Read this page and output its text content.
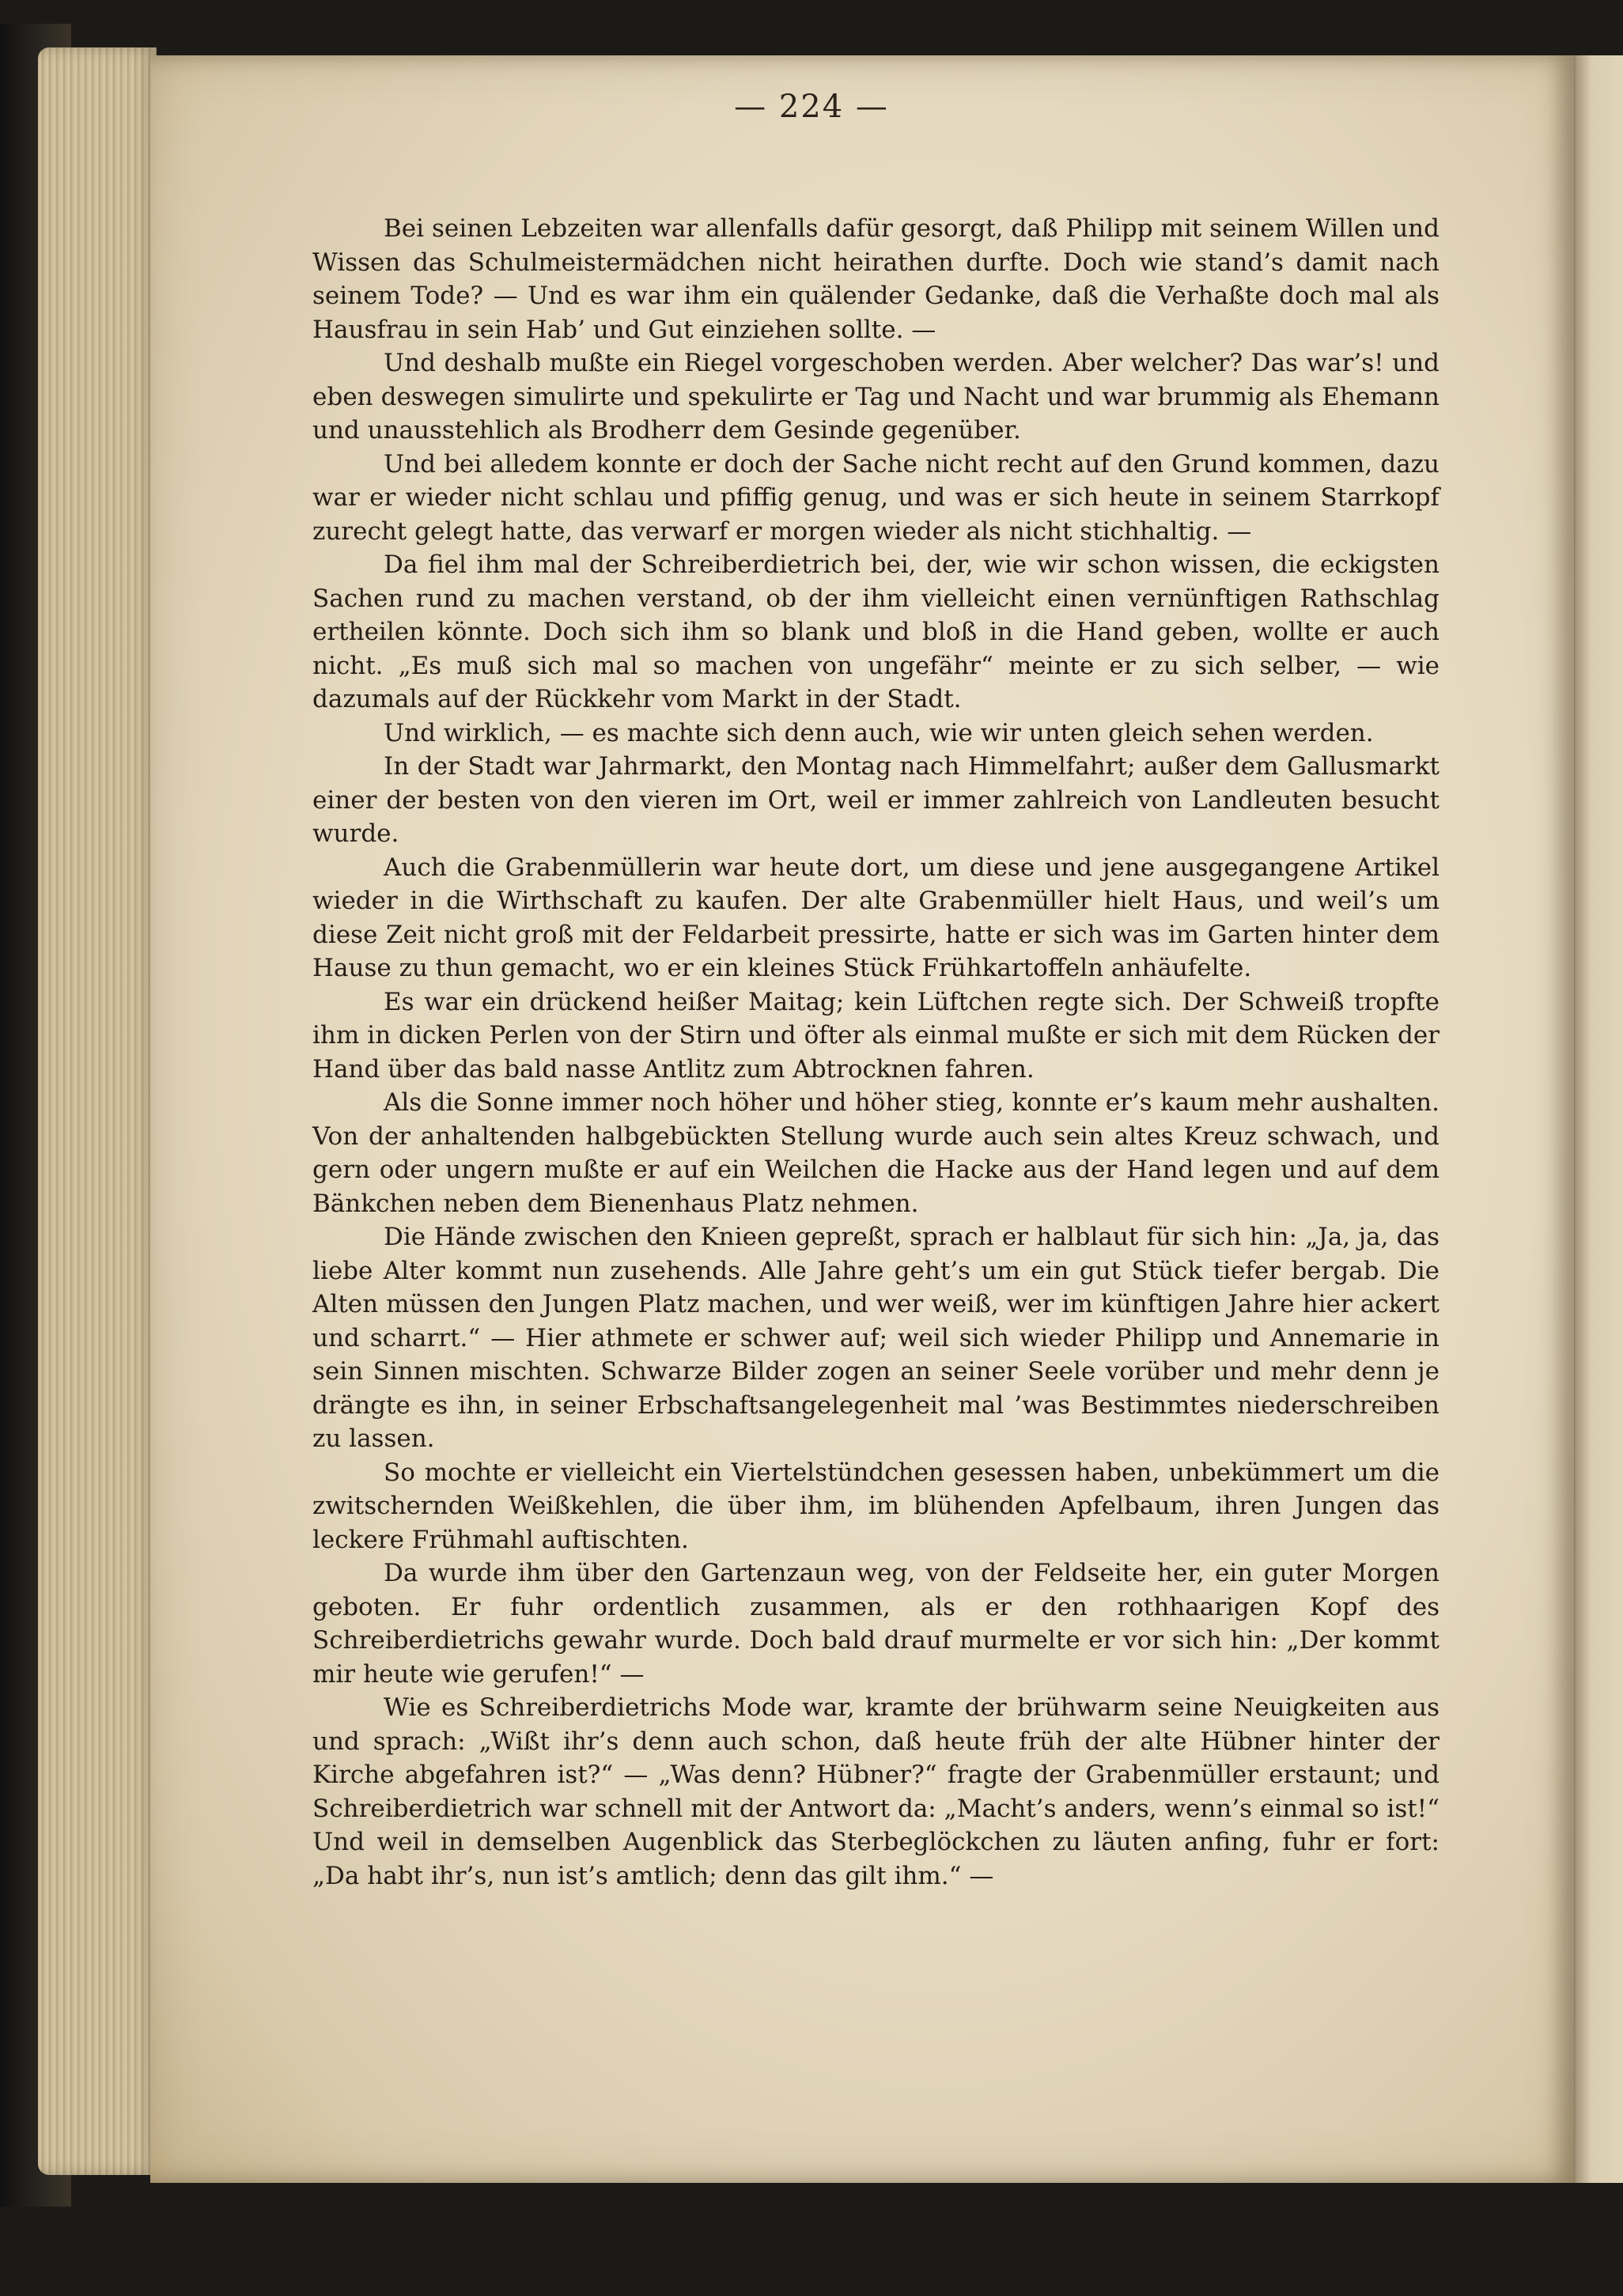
— 224 —

Bei seinen Lebzeiten war allenfalls dafür gesorgt, daß Philipp mit seinem Willen und Wissen das Schulmeistermädchen nicht heirathen durfte. Doch wie stand’s damit nach seinem Tode? — Und es war ihm ein quälender Gedanke, daß die Verhaßte doch mal als Hausfrau in sein Hab’ und Gut einziehen sollte. —

Und deshalb mußte ein Riegel vorgeschoben werden. Aber welcher? Das war’s! und eben deswegen simulirte und spekulirte er Tag und Nacht und war brummig als Ehemann und unausstehlich als Brodherr dem Gesinde gegenüber.

Und bei alledem konnte er doch der Sache nicht recht auf den Grund kommen, dazu war er wieder nicht schlau und pfiffig genug, und was er sich heute in seinem Starrkopf zurecht gelegt hatte, das verwarf er morgen wieder als nicht stichhaltig. —

Da fiel ihm mal der Schreiberdietrich bei, der, wie wir schon wissen, die eckigsten Sachen rund zu machen verstand, ob der ihm vielleicht einen vernünftigen Rathschlag ertheilen könnte. Doch sich ihm so blank und bloß in die Hand geben, wollte er auch nicht. „Es muß sich mal so machen von ungefähr“ meinte er zu sich selber, — wie dazumals auf der Rückkehr vom Markt in der Stadt.

Und wirklich, — es machte sich denn auch, wie wir unten gleich sehen werden.

In der Stadt war Jahrmarkt, den Montag nach Himmelfahrt; außer dem Gallusmarkt einer der besten von den vieren im Ort, weil er immer zahlreich von Landleuten besucht wurde.

Auch die Grabenmüllerin war heute dort, um diese und jene ausgegangene Artikel wieder in die Wirthschaft zu kaufen. Der alte Grabenmüller hielt Haus, und weil’s um diese Zeit nicht groß mit der Feldarbeit pressirte, hatte er sich was im Garten hinter dem Hause zu thun gemacht, wo er ein kleines Stück Frühkartoffeln anhäufelte.

Es war ein drückend heißer Maitag; kein Lüftchen regte sich. Der Schweiß tropfte ihm in dicken Perlen von der Stirn und öfter als einmal mußte er sich mit dem Rücken der Hand über das bald nasse Antlitz zum Abtrocknen fahren.

Als die Sonne immer noch höher und höher stieg, konnte er’s kaum mehr aushalten. Von der anhaltenden halbgebückten Stellung wurde auch sein altes Kreuz schwach, und gern oder ungern mußte er auf ein Weilchen die Hacke aus der Hand legen und auf dem Bänkchen neben dem Bienenhaus Platz nehmen.

Die Hände zwischen den Knieen gepreßt, sprach er halblaut für sich hin: „Ja, ja, das liebe Alter kommt nun zusehends. Alle Jahre geht’s um ein gut Stück tiefer bergab. Die Alten müssen den Jungen Platz machen, und wer weiß, wer im künftigen Jahre hier ackert und scharrt.“ — Hier athmete er schwer auf; weil sich wieder Philipp und Annemarie in sein Sinnen mischten. Schwarze Bilder zogen an seiner Seele vorüber und mehr denn je drängte es ihn, in seiner Erbschaftsangelegenheit mal ’was Bestimmtes niederschreiben zu lassen.

So mochte er vielleicht ein Viertelstündchen gesessen haben, unbekümmert um die zwitschernden Weißkehlen, die über ihm, im blühenden Apfelbaum, ihren Jungen das leckere Frühmahl auftischten.

Da wurde ihm über den Gartenzaun weg, von der Feldseite her, ein guter Morgen geboten. Er fuhr ordentlich zusammen, als er den rothhaarigen Kopf des Schreiberdietrichs gewahr wurde. Doch bald drauf murmelte er vor sich hin: „Der kommt mir heute wie gerufen!“ —

Wie es Schreiberdietrichs Mode war, kramte der brühwarm seine Neuigkeiten aus und sprach: „Wißt ihr’s denn auch schon, daß heute früh der alte Hübner hinter der Kirche abgefahren ist?“ — „Was denn? Hübner?“ fragte der Grabenmüller erstaunt; und Schreiberdietrich war schnell mit der Antwort da: „Macht’s anders, wenn’s einmal so ist!“ Und weil in demselben Augenblick das Sterbeglöckchen zu läuten anfing, fuhr er fort: „Da habt ihr’s, nun ist’s amtlich; denn das gilt ihm.“ —
